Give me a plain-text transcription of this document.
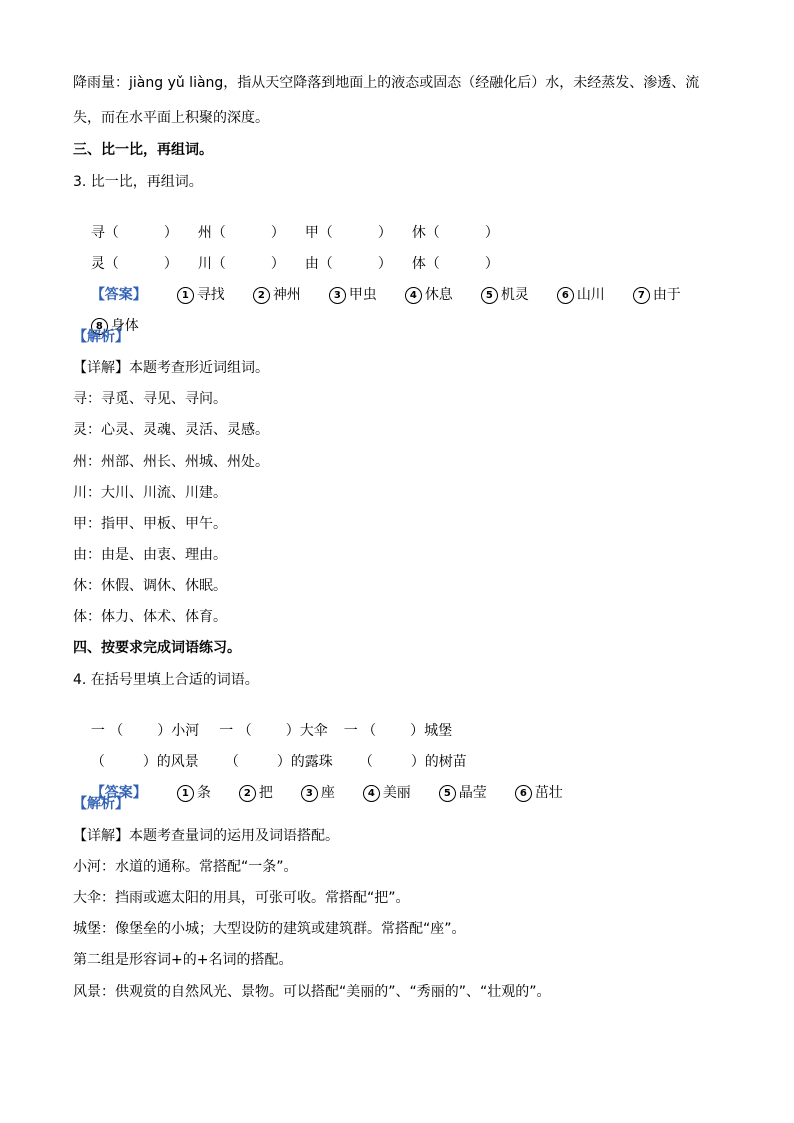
降雨量：jiàng yǔ liàng，指从天空降落到地面上的液态或固态（经融化后）水，未经蒸发、渗透、流
失，而在水平面上积聚的深度。
三、比一比，再组词。
3. 比一比，再组词。

寻（	） 州（	） 甲（	） 休（	）

灵（	） 川（	） 由（	） 体（	）

【答案】	1 寻找	2 神州	3 甲虫	4 休息	5 机灵	6 山川	7 由于

8 身体

【解析】
【详解】本题考查形近词组词。
寻：寻觅、寻见、寻问。
灵：心灵、灵魂、灵活、灵感。
州：州部、州长、州城、州处。
川：大川、川流、川建。
甲：指甲、甲板、甲午。
由：由是、由衷、理由。
休：休假、调休、休眠。
体：体力、体术、体育。
四、按要求完成词语练习。
4. 在括号里填上合适的词语。

一 （ ）小河 一 （ ）大伞 一 （ ）城堡

（	）的风景 （	）的露珠 （	）的树苗

【答案】	1 条	2 把	3 座	4 美丽	5 晶莹	6 茁壮

【解析】
【详解】本题考查量词的运用及词语搭配。
小河：水道的通称。常搭配“一条”。
大伞：挡雨或遮太阳的用具，可张可收。常搭配“把”。
城堡：像堡垒的小城；大型设防的建筑或建筑群。常搭配“座”。
第二组是形容词+的+名词的搭配。
风景：供观赏的自然风光、景物。可以搭配“美丽的”、“秀丽的”、“壮观的”。
